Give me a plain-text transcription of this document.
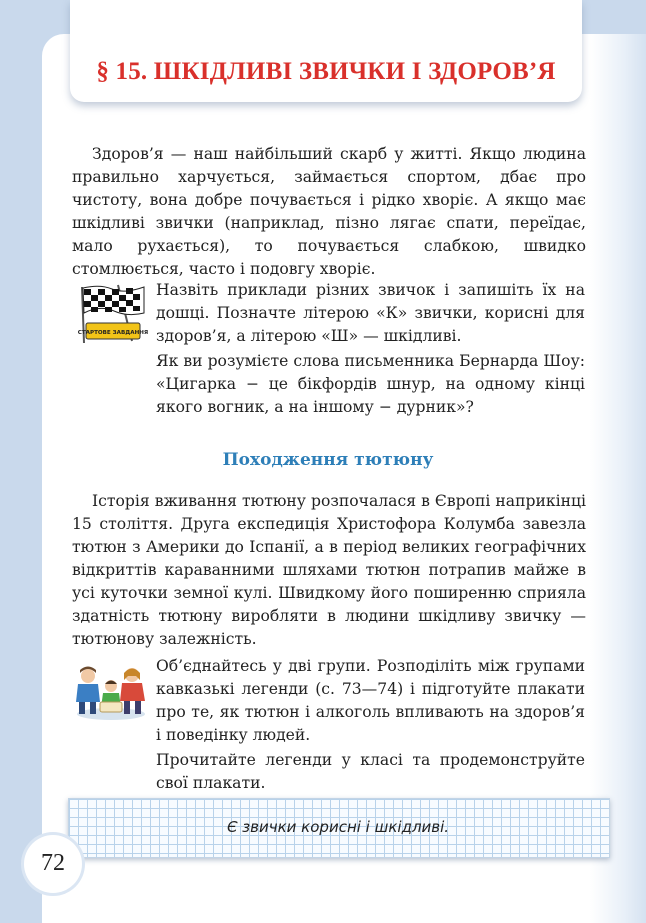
§ 15. ШКІДЛИВІ ЗВИЧКИ І ЗДОРОВ’Я

Здоров’я — наш найбільший скарб у житті. Якщо людина правильно харчується, займається спортом, дбає про чистоту, вона добре почувається і рідко хворіє. А якщо має шкідливі звички (наприклад, пізно лягає спати, переїдає, мало рухається), то почувається слабкою, швидко стомлюється, часто і подовгу хворіє.

СТАРТОВЕ ЗАВДАННЯ

Назвіть приклади різних звичок і запишіть їх на дошці. Позначте літерою «К» звички, корисні для здоров’я, а літерою «Ш» — шкідливі.

Як ви розумієте слова письменника Бернарда Шоу: «Цигарка − це бікфордів шнур, на одному кінці якого вогник, а на іншому − дурник»?

Походження тютюну

Історія вживання тютюну розпочалася в Європі наприкінці 15 століття. Друга експедиція Христофора Колумба завезла тютюн з Америки до Іспанії, а в період великих географічних відкриттів караванними шляхами тютюн потрапив майже в усі куточки земної кулі. Швидкому його поширенню сприяла здатність тютюну виробляти в людини шкідливу звичку — тютюнову залежність.

Об’єднайтесь у дві групи. Розподіліть між групами кавказькі легенди (с. 73—74) і підготуйте плакати про те, як тютюн і алкоголь впливають на здоров’я і поведінку людей.

Прочитайте легенди у класі та продемонструйте свої плакати.

Є звички корисні і шкідливі.

72
